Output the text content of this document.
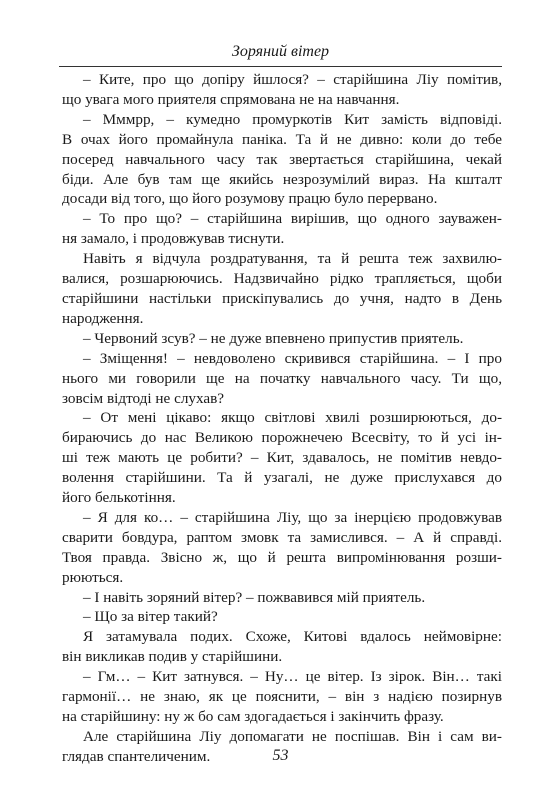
Зоряний вітер
– Ките, про що допіру йшлося? – старійшина Ліу помітив,
що увага мого приятеля спрямована не на навчання.
– Мммрр, – кумедно промуркотів Кит замість відповіді.
В очах його промайнула паніка. Та й не дивно: коли до тебе
посеред навчального часу так звертається старійшина, чекай
біди. Але був там ще якийсь незрозумілий вираз. На кшталт
досади від того, що його розумову працю було перервано.
– То про що? – старійшина вирішив, що одного зауважен-
ня замало, і продовжував тиснути.
Навіть я відчула роздратування, та й решта теж захвилю-
валися, розшарюючись. Надзвичайно рідко трапляється, щоби
старійшини настільки прискіпувались до учня, надто в День
народження.
– Червоний зсув? – не дуже впевнено припустив приятель.
– Зміщення! – невдоволено скривився старійшина. – І про
нього ми говорили ще на початку навчального часу. Ти що,
зовсім відтоді не слухав?
– От мені цікаво: якщо світлові хвилі розширюються, до-
бираючись до нас Великою порожнечею Всесвіту, то й усі ін-
ші теж мають це робити? – Кит, здавалось, не помітив невдо-
волення старійшини. Та й узагалі, не дуже прислухався до
його белькотіння.
– Я для ко… – старійшина Ліу, що за інерцією продовжував
сварити бовдура, раптом змовк та замислився. – А й справді.
Твоя правда. Звісно ж, що й решта випромінювання розши-
рюються.
– І навіть зоряний вітер? – пожвавився мій приятель.
– Що за вітер такий?
Я затамувала подих. Схоже, Китові вдалось неймовірне:
він викликав подив у старійшини.
– Гм… – Кит затнувся. – Ну… це вітер. Із зірок. Він… такі
гармонії… не знаю, як це пояснити, – він з надією позирнув
на старійшину: ну ж бо сам здогадається і закінчить фразу.
Але старійшина Ліу допомагати не поспішав. Він і сам ви-
глядав спантеличеним.	53
